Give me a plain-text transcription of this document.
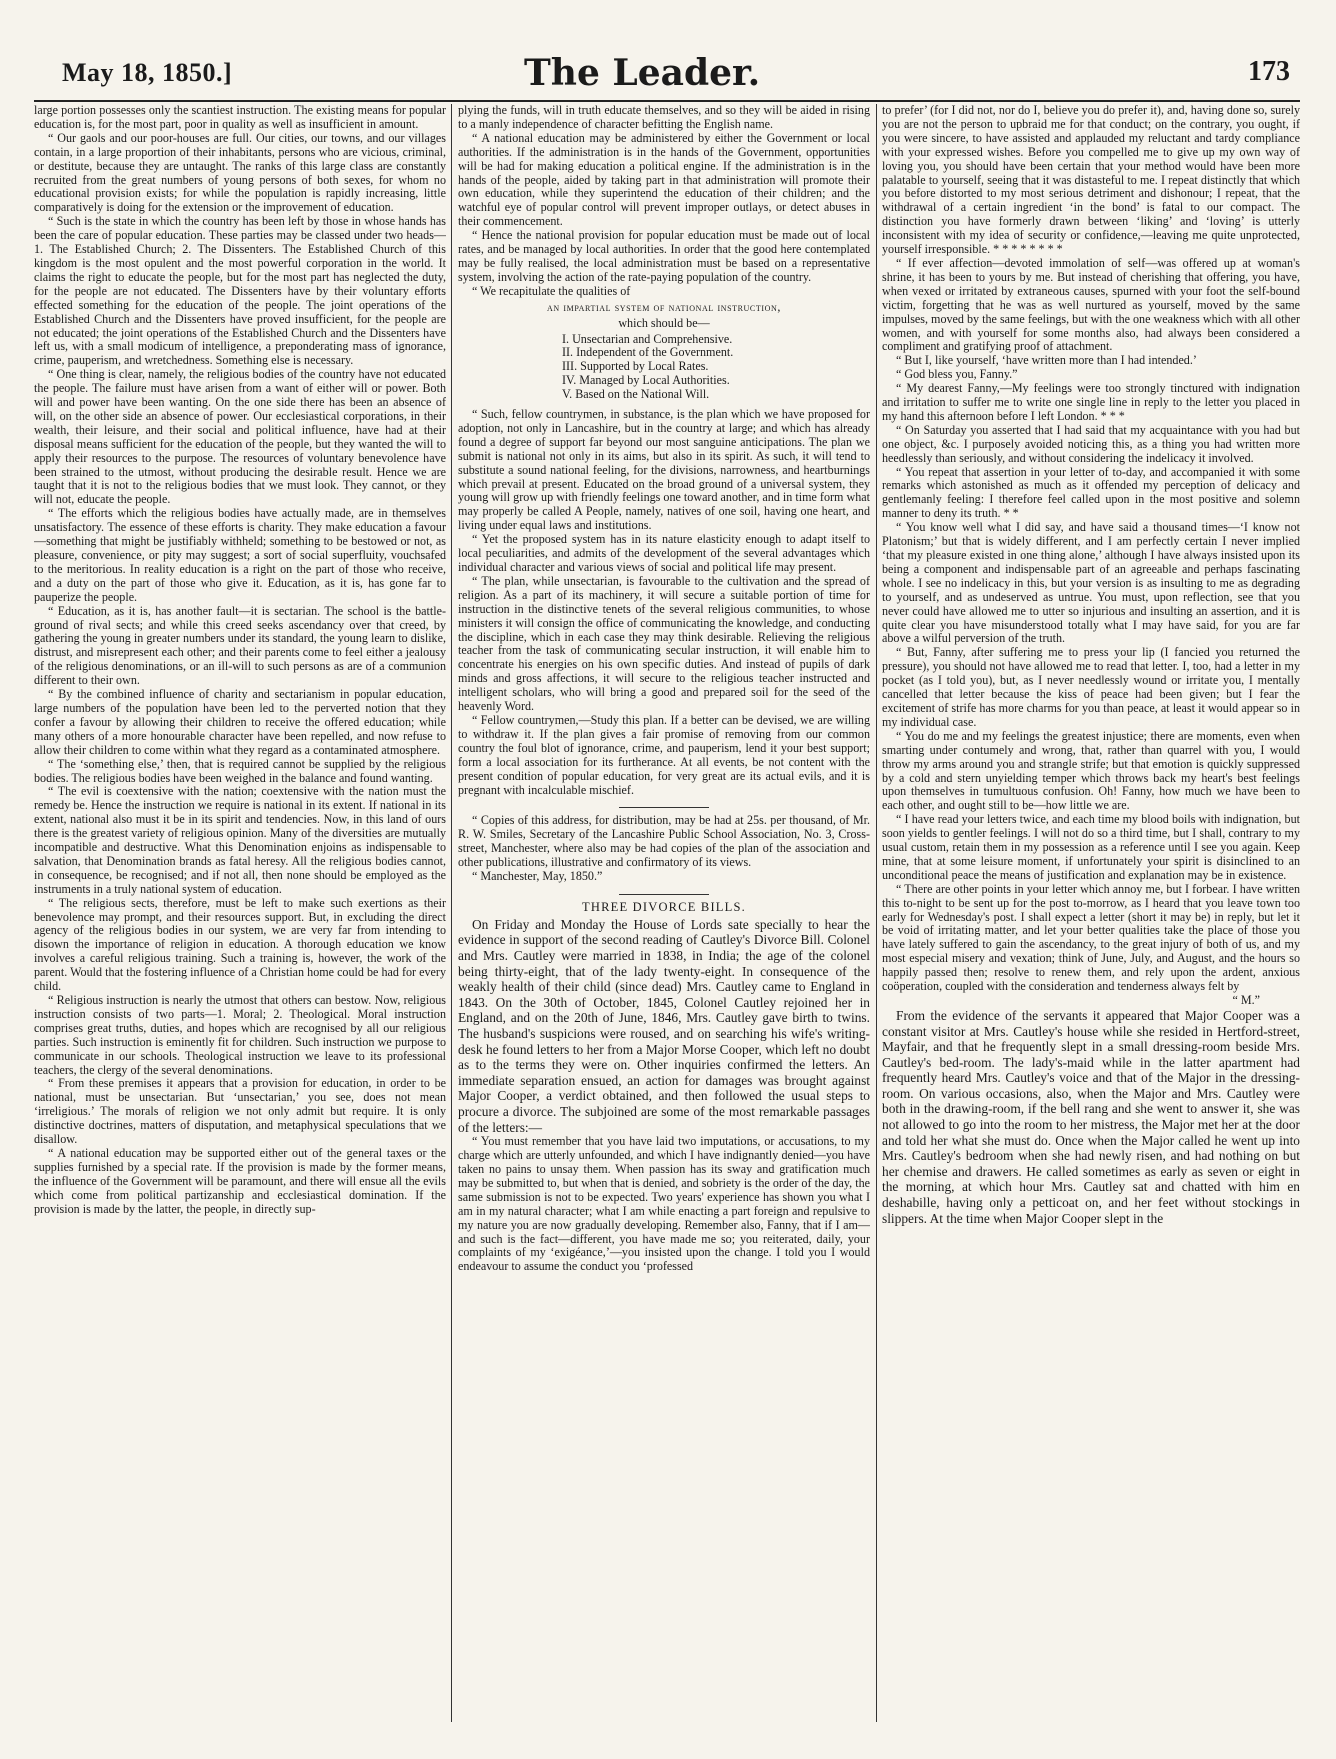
May 18, 1850.]	The Leader.	173

large portion possesses only the scantiest instruction. The existing means for popular education is, for the most part, poor in quality as well as insufficient in amount.

“ Our gaols and our poor-houses are full. Our cities, our towns, and our villages contain, in a large proportion of their inhabitants, persons who are vicious, criminal, or destitute, because they are untaught. The ranks of this large class are constantly recruited from the great numbers of young persons of both sexes, for whom no educational provision exists; for while the population is rapidly increasing, little comparatively is doing for the extension or the improvement of education.

“ Such is the state in which the country has been left by those in whose hands has been the care of popular education. These parties may be classed under two heads—1. The Established Church; 2. The Dissenters. The Established Church of this kingdom is the most opulent and the most powerful corporation in the world. It claims the right to educate the people, but for the most part has neglected the duty, for the people are not educated. The Dissenters have by their voluntary efforts effected something for the education of the people. The joint operations of the Established Church and the Dissenters have proved insufficient, for the people are not educated; the joint operations of the Established Church and the Dissenters have left us, with a small modicum of intelligence, a preponderating mass of ignorance, crime, pauperism, and wretchedness. Something else is necessary.

“ One thing is clear, namely, the religious bodies of the country have not educated the people. The failure must have arisen from a want of either will or power. Both will and power have been wanting. On the one side there has been an absence of will, on the other side an absence of power. Our ecclesiastical corporations, in their wealth, their leisure, and their social and political influence, have had at their disposal means sufficient for the education of the people, but they wanted the will to apply their resources to the purpose. The resources of voluntary benevolence have been strained to the utmost, without producing the desirable result. Hence we are taught that it is not to the religious bodies that we must look. They cannot, or they will not, educate the people.

“ The efforts which the religious bodies have actually made, are in themselves unsatisfactory. The essence of these efforts is charity. They make education a favour—something that might be justifiably withheld; something to be bestowed or not, as pleasure, convenience, or pity may suggest; a sort of social superfluity, vouchsafed to the meritorious. In reality education is a right on the part of those who receive, and a duty on the part of those who give it. Education, as it is, has gone far to pauperize the people.

“ Education, as it is, has another fault—it is sectarian. The school is the battle-ground of rival sects; and while this creed seeks ascendancy over that creed, by gathering the young in greater numbers under its standard, the young learn to dislike, distrust, and misrepresent each other; and their parents come to feel either a jealousy of the religious denominations, or an ill-will to such persons as are of a communion different to their own.

“ By the combined influence of charity and sectarianism in popular education, large numbers of the population have been led to the perverted notion that they confer a favour by allowing their children to receive the offered education; while many others of a more honourable character have been repelled, and now refuse to allow their children to come within what they regard as a contaminated atmosphere.

“ The ‘something else,’ then, that is required cannot be supplied by the religious bodies. The religious bodies have been weighed in the balance and found wanting.

“ The evil is coextensive with the nation; coextensive with the nation must the remedy be. Hence the instruction we require is national in its extent. If national in its extent, national also must it be in its spirit and tendencies. Now, in this land of ours there is the greatest variety of religious opinion. Many of the diversities are mutually incompatible and destructive. What this Denomination enjoins as indispensable to salvation, that Denomination brands as fatal heresy. All the religious bodies cannot, in consequence, be recognised; and if not all, then none should be employed as the instruments in a truly national system of education.

“ The religious sects, therefore, must be left to make such exertions as their benevolence may prompt, and their resources support. But, in excluding the direct agency of the religious bodies in our system, we are very far from intending to disown the importance of religion in education. A thorough education we know involves a careful religious training. Such a training is, however, the work of the parent. Would that the fostering influence of a Christian home could be had for every child.

“ Religious instruction is nearly the utmost that others can bestow. Now, religious instruction consists of two parts—1. Moral; 2. Theological. Moral instruction comprises great truths, duties, and hopes which are recognised by all our religious parties. Such instruction is eminently fit for children. Such instruction we purpose to communicate in our schools. Theological instruction we leave to its professional teachers, the clergy of the several denominations.

“ From these premises it appears that a provision for education, in order to be national, must be unsectarian. But ‘unsectarian,’ you see, does not mean ‘irreligious.’ The morals of religion we not only admit but require. It is only distinctive doctrines, matters of disputation, and metaphysical speculations that we disallow.

“ A national education may be supported either out of the general taxes or the supplies furnished by a special rate. If the provision is made by the former means, the influence of the Government will be paramount, and there will ensue all the evils which come from political partizanship and ecclesiastical domination. If the provision is made by the latter, the people, in directly sup-

plying the funds, will in truth educate themselves, and so they will be aided in rising to a manly independence of character befitting the English name.

“ A national education may be administered by either the Government or local authorities. If the administration is in the hands of the Government, opportunities will be had for making education a political engine. If the administration is in the hands of the people, aided by taking part in that administration will promote their own education, while they superintend the education of their children; and the watchful eye of popular control will prevent improper outlays, or detect abuses in their commencement.

“ Hence the national provision for popular education must be made out of local rates, and be managed by local authorities. In order that the good here contemplated may be fully realised, the local administration must be based on a representative system, involving the action of the rate-paying population of the country.

“ We recapitulate the qualities of

an impartial system of national instruction,

which should be—

I. Unsectarian and Comprehensive.
II. Independent of the Government.
III. Supported by Local Rates.
IV. Managed by Local Authorities.
V. Based on the National Will.

“ Such, fellow countrymen, in substance, is the plan which we have proposed for adoption, not only in Lancashire, but in the country at large; and which has already found a degree of support far beyond our most sanguine anticipations. The plan we submit is national not only in its aims, but also in its spirit. As such, it will tend to substitute a sound national feeling, for the divisions, narrowness, and heartburnings which prevail at present. Educated on the broad ground of a universal system, they young will grow up with friendly feelings one toward another, and in time form what may properly be called A People, namely, natives of one soil, having one heart, and living under equal laws and institutions.

“ Yet the proposed system has in its nature elasticity enough to adapt itself to local peculiarities, and admits of the development of the several advantages which individual character and various views of social and political life may present.

“ The plan, while unsectarian, is favourable to the cultivation and the spread of religion. As a part of its machinery, it will secure a suitable portion of time for instruction in the distinctive tenets of the several religious communities, to whose ministers it will consign the office of communicating the knowledge, and conducting the discipline, which in each case they may think desirable. Relieving the religious teacher from the task of communicating secular instruction, it will enable him to concentrate his energies on his own specific duties. And instead of pupils of dark minds and gross affections, it will secure to the religious teacher instructed and intelligent scholars, who will bring a good and prepared soil for the seed of the heavenly Word.

“ Fellow countrymen,—Study this plan. If a better can be devised, we are willing to withdraw it. If the plan gives a fair promise of removing from our common country the foul blot of ignorance, crime, and pauperism, lend it your best support; form a local association for its furtherance. At all events, be not content with the present condition of popular education, for very great are its actual evils, and it is pregnant with incalculable mischief.

“ Copies of this address, for distribution, may be had at 25s. per thousand, of Mr. R. W. Smiles, Secretary of the Lancashire Public School Association, No. 3, Cross-street, Manchester, where also may be had copies of the plan of the association and other publications, illustrative and confirmatory of its views.

“ Manchester, May, 1850.”

THREE DIVORCE BILLS.

On Friday and Monday the House of Lords sate specially to hear the evidence in support of the second reading of Cautley's Divorce Bill. Colonel and Mrs. Cautley were married in 1838, in India; the age of the colonel being thirty-eight, that of the lady twenty-eight. In consequence of the weakly health of their child (since dead) Mrs. Cautley came to England in 1843. On the 30th of October, 1845, Colonel Cautley rejoined her in England, and on the 20th of June, 1846, Mrs. Cautley gave birth to twins. The husband's suspicions were roused, and on searching his wife's writing-desk he found letters to her from a Major Morse Cooper, which left no doubt as to the terms they were on. Other inquiries confirmed the letters. An immediate separation ensued, an action for damages was brought against Major Cooper, a verdict obtained, and then followed the usual steps to procure a divorce. The subjoined are some of the most remarkable passages of the letters:—

“ You must remember that you have laid two imputations, or accusations, to my charge which are utterly unfounded, and which I have indignantly denied—you have taken no pains to unsay them. When passion has its sway and gratification much may be submitted to, but when that is denied, and sobriety is the order of the day, the same submission is not to be expected. Two years' experience has shown you what I am in my natural character; what I am while enacting a part foreign and repulsive to my nature you are now gradually developing. Remember also, Fanny, that if I am—and such is the fact—different, you have made me so; you reiterated, daily, your complaints of my ‘exigéance,’—you insisted upon the change. I told you I would endeavour to assume the conduct you ‘professed

to prefer’ (for I did not, nor do I, believe you do prefer it), and, having done so, surely you are not the person to upbraid me for that conduct; on the contrary, you ought, if you were sincere, to have assisted and applauded my reluctant and tardy compliance with your expressed wishes. Before you compelled me to give up my own way of loving you, you should have been certain that your method would have been more palatable to yourself, seeing that it was distasteful to me. I repeat distinctly that which you before distorted to my most serious detriment and dishonour; I repeat, that the withdrawal of a certain ingredient ‘in the bond’ is fatal to our compact. The distinction you have formerly drawn between ‘liking’ and ‘loving’ is utterly inconsistent with my idea of security or confidence,—leaving me quite unprotected, yourself irresponsible. * * * * * * * *

“ If ever affection—devoted immolation of self—was offered up at woman's shrine, it has been to yours by me. But instead of cherishing that offering, you have, when vexed or irritated by extraneous causes, spurned with your foot the self-bound victim, forgetting that he was as well nurtured as yourself, moved by the same impulses, moved by the same feelings, but with the one weakness which with all other women, and with yourself for some months also, had always been considered a compliment and gratifying proof of attachment.

“ But I, like yourself, ‘have written more than I had intended.’

“ God bless you, Fanny.”

“ My dearest Fanny,—My feelings were too strongly tinctured with indignation and irritation to suffer me to write one single line in reply to the letter you placed in my hand this afternoon before I left London. * * *

“ On Saturday you asserted that I had said that my acquaintance with you had but one object, &c. I purposely avoided noticing this, as a thing you had written more heedlessly than seriously, and without considering the indelicacy it involved.

“ You repeat that assertion in your letter of to-day, and accompanied it with some remarks which astonished as much as it offended my perception of delicacy and gentlemanly feeling: I therefore feel called upon in the most positive and solemn manner to deny its truth. * *

“ You know well what I did say, and have said a thousand times—‘I know not Platonism;’ but that is widely different, and I am perfectly certain I never implied ‘that my pleasure existed in one thing alone,’ although I have always insisted upon its being a component and indispensable part of an agreeable and perhaps fascinating whole. I see no indelicacy in this, but your version is as insulting to me as degrading to yourself, and as undeserved as untrue. You must, upon reflection, see that you never could have allowed me to utter so injurious and insulting an assertion, and it is quite clear you have misunderstood totally what I may have said, for you are far above a wilful perversion of the truth.

“ But, Fanny, after suffering me to press your lip (I fancied you returned the pressure), you should not have allowed me to read that letter. I, too, had a letter in my pocket (as I told you), but, as I never needlessly wound or irritate you, I mentally cancelled that letter because the kiss of peace had been given; but I fear the excitement of strife has more charms for you than peace, at least it would appear so in my individual case.

“ You do me and my feelings the greatest injustice; there are moments, even when smarting under contumely and wrong, that, rather than quarrel with you, I would throw my arms around you and strangle strife; but that emotion is quickly suppressed by a cold and stern unyielding temper which throws back my heart's best feelings upon themselves in tumultuous confusion. Oh! Fanny, how much we have been to each other, and ought still to be—how little we are.

“ I have read your letters twice, and each time my blood boils with indignation, but soon yields to gentler feelings. I will not do so a third time, but I shall, contrary to my usual custom, retain them in my possession as a reference until I see you again. Keep mine, that at some leisure moment, if unfortunately your spirit is disinclined to an unconditional peace the means of justification and explanation may be in existence.

“ There are other points in your letter which annoy me, but I forbear. I have written this to-night to be sent up for the post to-morrow, as I heard that you leave town too early for Wednesday's post. I shall expect a letter (short it may be) in reply, but let it be void of irritating matter, and let your better qualities take the place of those you have lately suffered to gain the ascendancy, to the great injury of both of us, and my most especial misery and vexation; think of June, July, and August, and the hours so happily passed then; resolve to renew them, and rely upon the ardent, anxious coöperation, coupled with the consideration and tenderness always felt by

“ M.”

From the evidence of the servants it appeared that Major Cooper was a constant visitor at Mrs. Cautley's house while she resided in Hertford-street, Mayfair, and that he frequently slept in a small dressing-room beside Mrs. Cautley's bed-room. The lady's-maid while in the latter apartment had frequently heard Mrs. Cautley's voice and that of the Major in the dressing-room. On various occasions, also, when the Major and Mrs. Cautley were both in the drawing-room, if the bell rang and she went to answer it, she was not allowed to go into the room to her mistress, the Major met her at the door and told her what she must do. Once when the Major called he went up into Mrs. Cautley's bedroom when she had newly risen, and had nothing on but her chemise and drawers. He called sometimes as early as seven or eight in the morning, at which hour Mrs. Cautley sat and chatted with him en deshabille, having only a petticoat on, and her feet without stockings in slippers. At the time when Major Cooper slept in the
